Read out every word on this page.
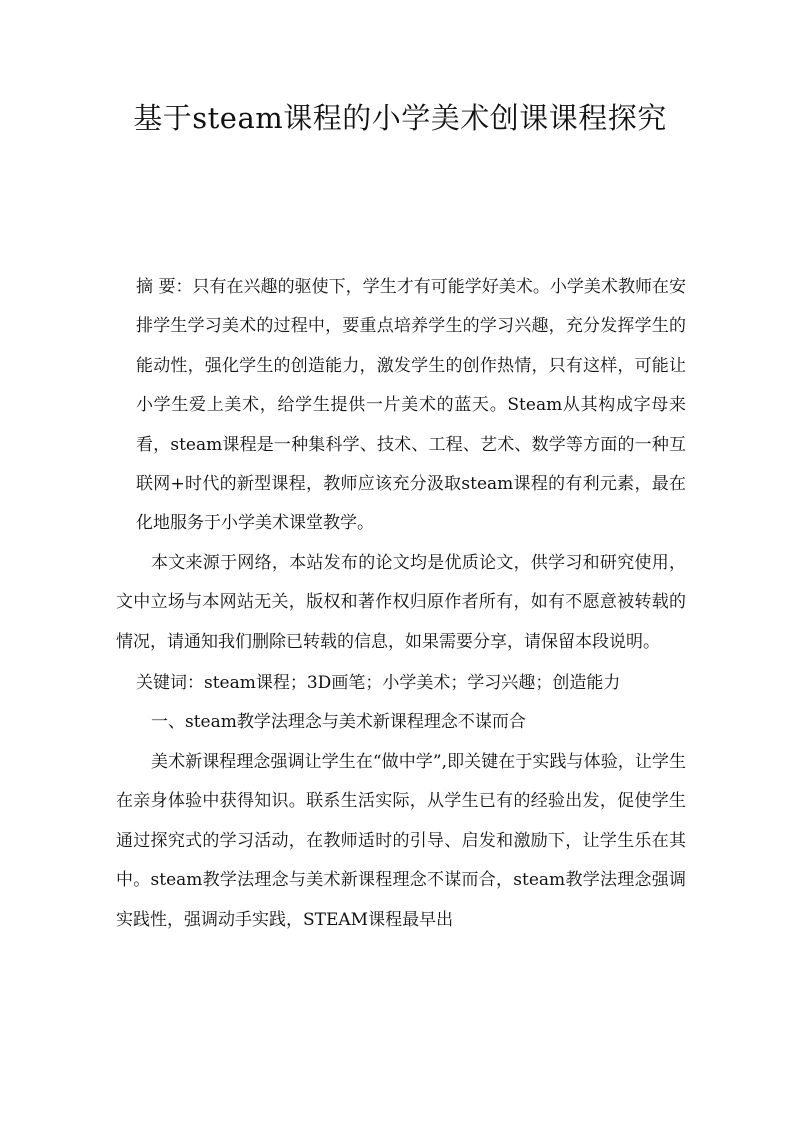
基于steam课程的小学美术创课课程探究

摘 要：只有在兴趣的驱使下，学生才有可能学好美术。小学美术教师在安排学生学习美术的过程中，要重点培养学生的学习兴趣，充分发挥学生的能动性，强化学生的创造能力，激发学生的创作热情，只有这样，可能让小学生爱上美术，给学生提供一片美术的蓝天。Steam从其构成字母来看，steam课程是一种集科学、技术、工程、艺术、数学等方面的一种互联网+时代的新型课程，教师应该充分汲取steam课程的有利元素，最在化地服务于小学美术课堂教学。

本文来源于网络，本站发布的论文均是优质论文，供学习和研究使用，文中立场与本网站无关，版权和著作权归原作者所有，如有不愿意被转载的情况，请通知我们删除已转载的信息，如果需要分享，请保留本段说明。

关键词：steam课程；3D画笔；小学美术；学习兴趣；创造能力

一、steam教学法理念与美术新课程理念不谋而合

美术新课程理念强调让学生在“做中学”,即关键在于实践与体验，让学生在亲身体验中获得知识。联系生活实际，从学生已有的经验出发，促使学生通过探究式的学习活动，在教师适时的引导、启发和激励下，让学生乐在其中。steam教学法理念与美术新课程理念不谋而合，steam教学法理念强调实践性，强调动手实践，STEAM课程最早出
